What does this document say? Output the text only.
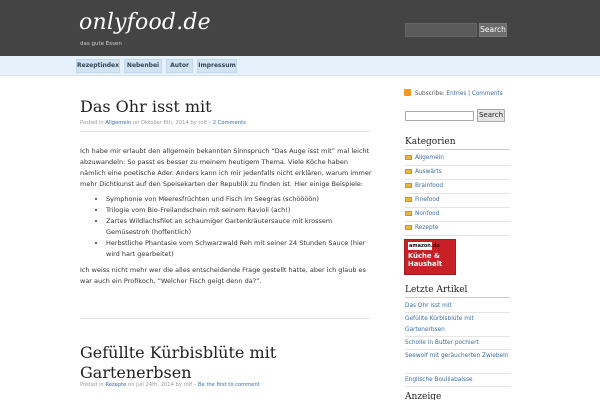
onlyfood.de
das gute Essen
Search
Rezeptindex	Nebenbei	Autor	Impressum
Das Ohr isst mit
Posted in Allgemein on Oktober 6th, 2014 by rolf – 2 Comments

Ich habe mir erlaubt den allgemein bekannten Sinnspruch “Das Auge isst mit” mal leicht abzuwandeln: So passt es besser zu meinem heutigem Thema. Viele Köche haben nämlich eine poetische Ader. Anders kann ich mir jedenfalls nicht erklären, warum immer mehr Dichtkunst auf den Speisekarten der Republik zu finden ist. Hier einige Beispiele:

• Symphonie von Meeresfrüchten und Fisch im Seegras (schöööön)
• Trilogie vom Bio-Freilandschein mit seinem Ravioli (ach!)
• Zartes Wildlachsfilet an schaumiger Gartenkräutersauce mit krossem Gemüsestroh (hoffentlich)
• Herbstliche Phantasie vom Schwarzwald Reh mit seiner 24 Stunden Sauce (hier wird hart gearbeitet)

Ich weiss nicht mehr wer die alles entscheidende Frage gestellt hatte, aber ich glaub es war auch ein Profikoch, “Welcher Fisch geigt denn da?”.

Gefüllte Kürbisblüte mit Gartenerbsen
Posted in Rezepte on Juli 24th, 2014 by rolf – Be the first to comment
Subscribe: Entries | Comments
Search
Kategorien
Allgemein
Auswärts
Brainfood
Finefood
Nonfood
Rezepte
amazon.de
Küche & Haushalt
Letzte Artikel
Das Ohr isst mit
Gefüllte Kürbisblüte mit Gartenerbsen
Scholle in Butter pochiert
Seewolf mit geräucherten Zwiebeln
Englische Bouillabaisse
Anzeige
